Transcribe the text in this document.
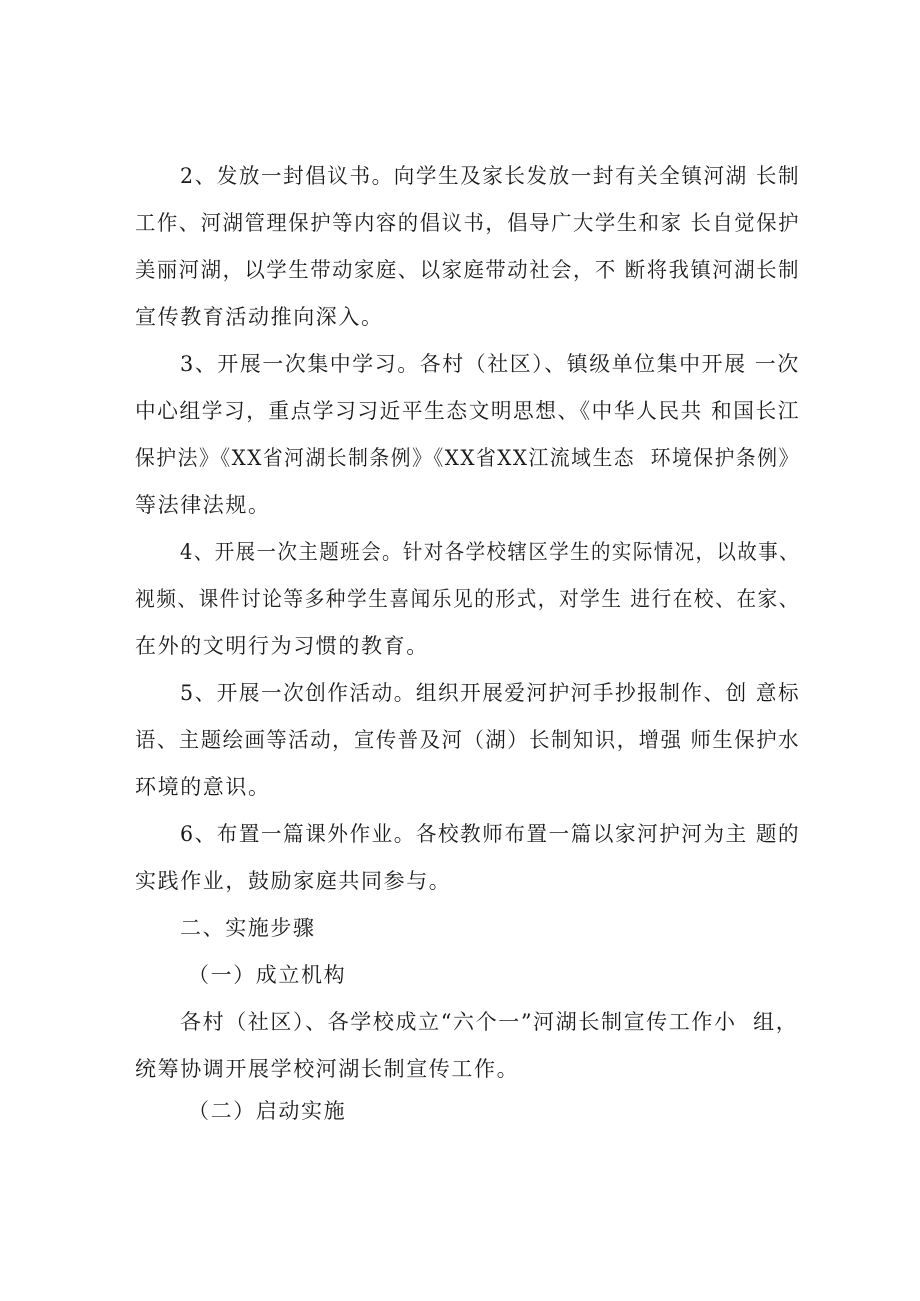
2、发放一封倡议书。向学生及家长发放一封有关全镇河湖 长制
工作、河湖管理保护等内容的倡议书，倡导广大学生和家 长自觉保护
美丽河湖，以学生带动家庭、以家庭带动社会，不 断将我镇河湖长制
宣传教育活动推向深入。
3、开展一次集中学习。各村（社区）、镇级单位集中开展 一次
中心组学习，重点学习习近平生态文明思想、《中华人民共 和国长江
保护法》《XX省河湖长制条例》《XX省XX江流域生态  环境保护条例》
等法律法规。
4、开展一次主题班会。针对各学校辖区学生的实际情况，以故事、
视频、课件讨论等多种学生喜闻乐见的形式，对学生 进行在校、在家、
在外的文明行为习惯的教育。
5、开展一次创作活动。组织开展爱河护河手抄报制作、创 意标
语、主题绘画等活动，宣传普及河（湖）长制知识，增强 师生保护水
环境的意识。
6、布置一篇课外作业。各校教师布置一篇以家河护河为主 题的
实践作业，鼓励家庭共同参与。
二、实施步骤
（一）成立机构
各村（社区）、各学校成立“六个一”河湖长制宣传工作小  组，
统筹协调开展学校河湖长制宣传工作。
（二）启动实施
